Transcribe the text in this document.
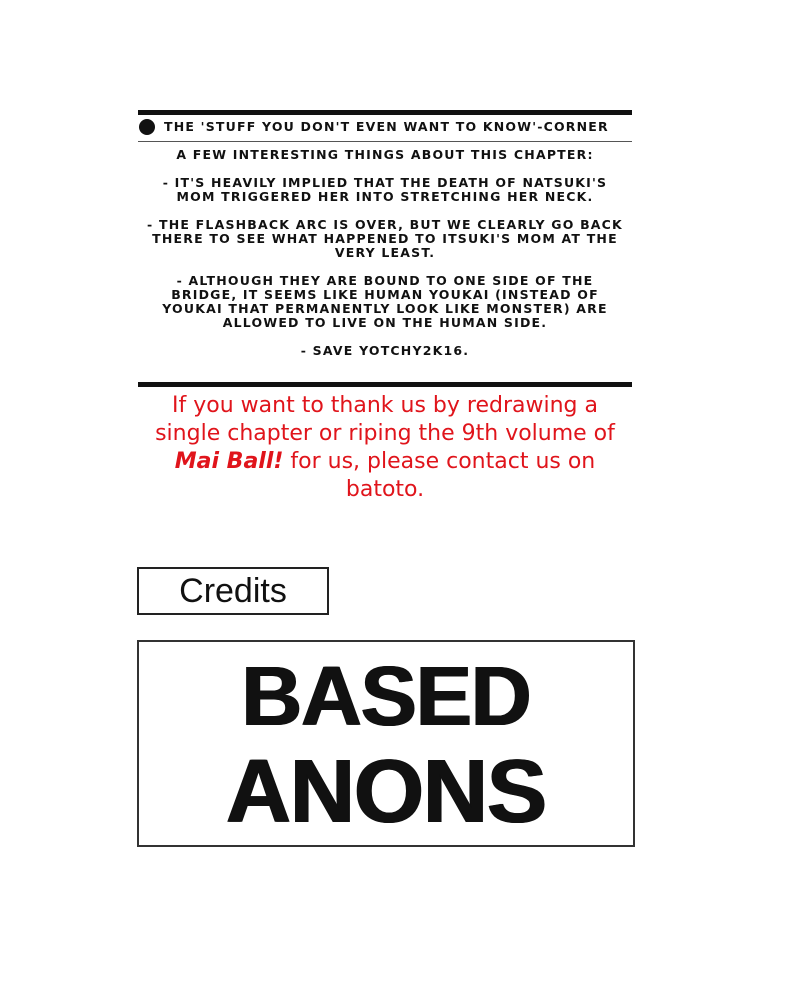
THE 'STUFF YOU DON'T EVEN WANT TO KNOW'-CORNER

A FEW INTERESTING THINGS ABOUT THIS CHAPTER:

- IT'S HEAVILY IMPLIED THAT THE DEATH OF NATSUKI'S MOM TRIGGERED HER INTO STRETCHING HER NECK.

- THE FLASHBACK ARC IS OVER, BUT WE CLEARLY GO BACK THERE TO SEE WHAT HAPPENED TO ITSUKI'S MOM AT THE VERY LEAST.

- ALTHOUGH THEY ARE BOUND TO ONE SIDE OF THE BRIDGE, IT SEEMS LIKE HUMAN YOUKAI (INSTEAD OF YOUKAI THAT PERMANENTLY LOOK LIKE MONSTER) ARE ALLOWED TO LIVE ON THE HUMAN SIDE.

- SAVE YOTCHY2K16.

If you want to thank us by redrawing a single chapter or riping the 9th volume of Mai Ball! for us, please contact us on batoto.
Credits
BASED
ANONS
